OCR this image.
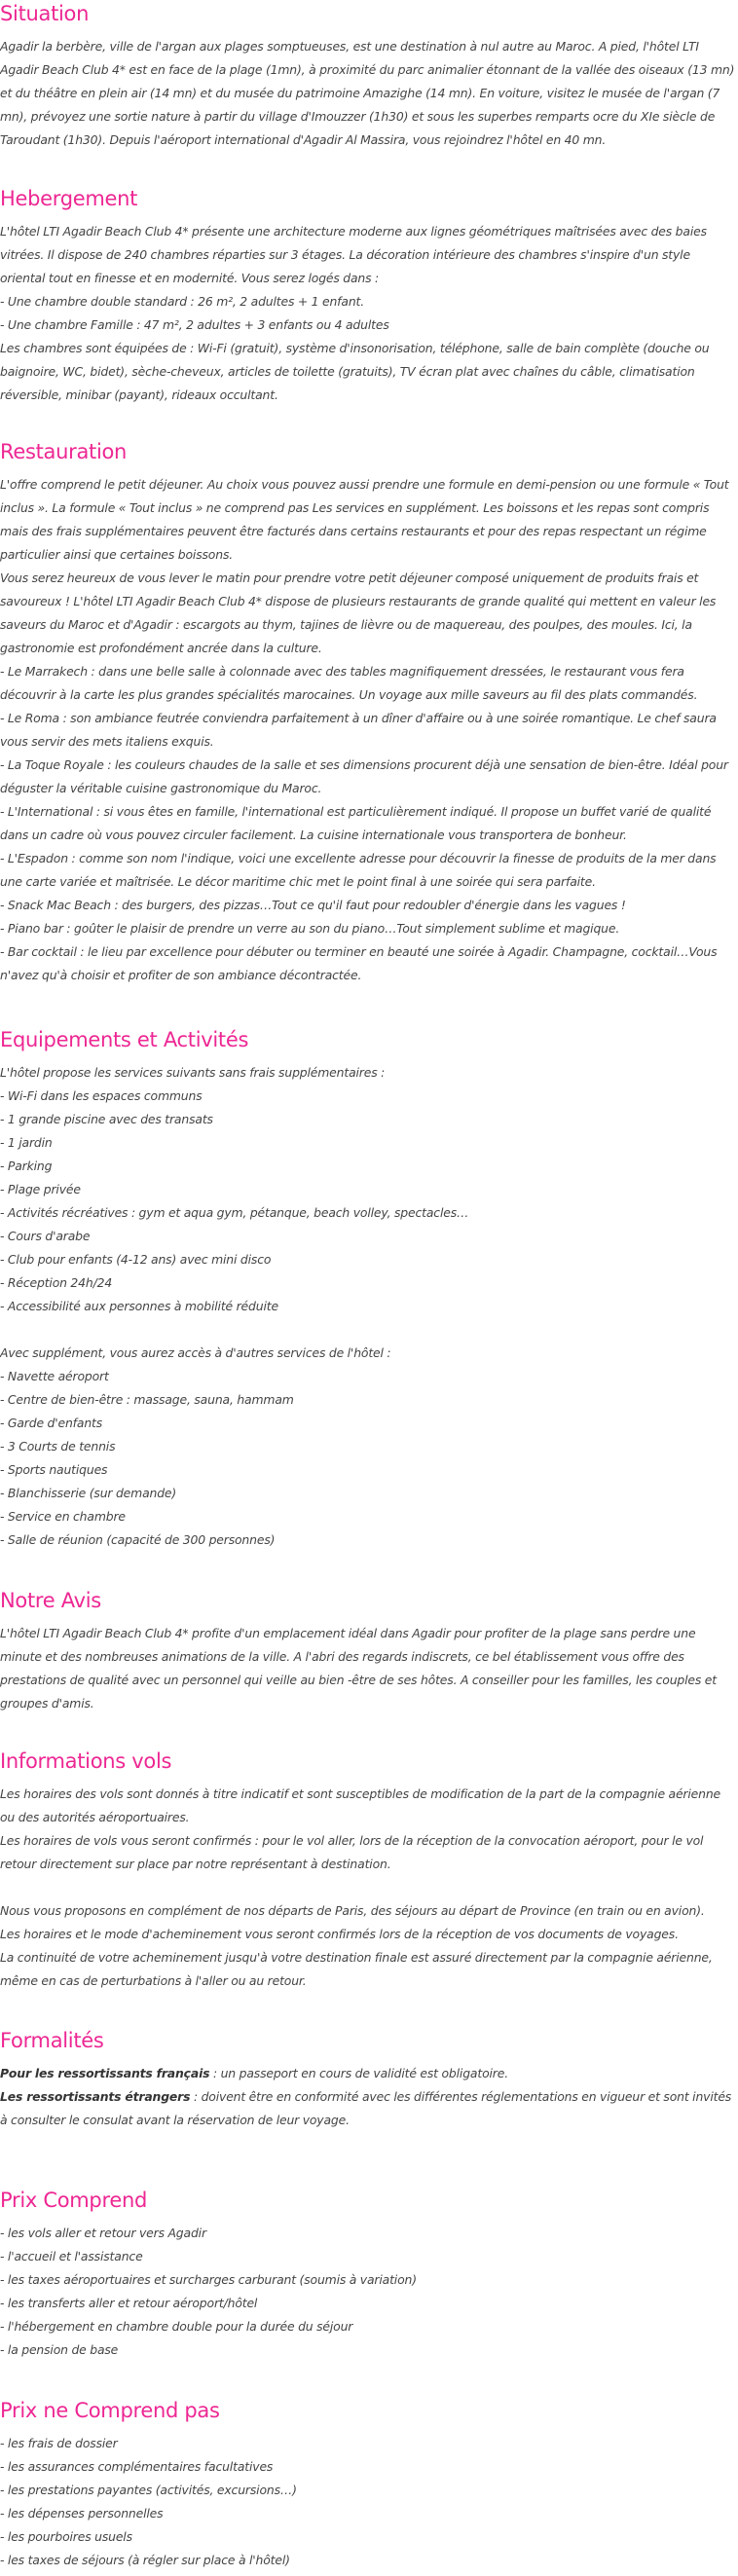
Situation

Agadir la berbère, ville de l'argan aux plages somptueuses, est une destination à nul autre au Maroc. A pied, l'hôtel LTI Agadir Beach Club 4* est en face de la plage (1mn), à proximité du parc animalier étonnant de la vallée des oiseaux (13 mn) et du théâtre en plein air (14 mn) et du musée du patrimoine Amazighe (14 mn). En voiture, visitez le musée de l'argan (7 mn), prévoyez une sortie nature à partir du village d'Imouzzer (1h30) et sous les superbes remparts ocre du XIe siècle de Taroudant (1h30). Depuis l'aéroport international d'Agadir Al Massira, vous rejoindrez l'hôtel en 40 mn.

Hebergement

L'hôtel LTI Agadir Beach Club 4* présente une architecture moderne aux lignes géométriques maîtrisées avec des baies vitrées. Il dispose de 240 chambres réparties sur 3 étages. La décoration intérieure des chambres s'inspire d'un style oriental tout en finesse et en modernité. Vous serez logés dans :

- Une chambre double standard : 26 m², 2 adultes + 1 enfant.

- Une chambre Famille : 47 m², 2 adultes + 3 enfants ou 4 adultes

Les chambres sont équipées de : Wi-Fi (gratuit), système d'insonorisation, téléphone, salle de bain complète (douche ou baignoire, WC, bidet), sèche-cheveux, articles de toilette (gratuits), TV écran plat avec chaînes du câble, climatisation réversible, minibar (payant), rideaux occultant.

Restauration

L'offre comprend le petit déjeuner. Au choix vous pouvez aussi prendre une formule en demi-pension ou une formule « Tout inclus ». La formule « Tout inclus » ne comprend pas Les services en supplément. Les boissons et les repas sont compris mais des frais supplémentaires peuvent être facturés dans certains restaurants et pour des repas respectant un régime particulier ainsi que certaines boissons.

Vous serez heureux de vous lever le matin pour prendre votre petit déjeuner composé uniquement de produits frais et savoureux ! L'hôtel LTI Agadir Beach Club 4* dispose de plusieurs restaurants de grande qualité qui mettent en valeur les saveurs du Maroc et d'Agadir : escargots au thym, tajines de lièvre ou de maquereau, des poulpes, des moules. Ici, la gastronomie est profondément ancrée dans la culture.

- Le Marrakech : dans une belle salle à colonnade avec des tables magnifiquement dressées, le restaurant vous fera découvrir à la carte les plus grandes spécialités marocaines. Un voyage aux mille saveurs au fil des plats commandés.

- Le Roma : son ambiance feutrée conviendra parfaitement à un dîner d'affaire ou à une soirée romantique. Le chef saura vous servir des mets italiens exquis.

- La Toque Royale : les couleurs chaudes de la salle et ses dimensions procurent déjà une sensation de bien-être. Idéal pour déguster la véritable cuisine gastronomique du Maroc.

- L'International : si vous êtes en famille, l'international est particulièrement indiqué. Il propose un buffet varié de qualité dans un cadre où vous pouvez circuler facilement. La cuisine internationale vous transportera de bonheur.

- L'Espadon : comme son nom l'indique, voici une excellente adresse pour découvrir la finesse de produits de la mer dans une carte variée et maîtrisée. Le décor maritime chic met le point final à une soirée qui sera parfaite.

- Snack Mac Beach : des burgers, des pizzas…Tout ce qu'il faut pour redoubler d'énergie dans les vagues !

- Piano bar : goûter le plaisir de prendre un verre au son du piano…Tout simplement sublime et magique.

- Bar cocktail : le lieu par excellence pour débuter ou terminer en beauté une soirée à Agadir. Champagne, cocktail…Vous n'avez qu'à choisir et profiter de son ambiance décontractée.

Equipements et Activités

L'hôtel propose les services suivants sans frais supplémentaires :

- Wi-Fi dans les espaces communs

- 1 grande piscine avec des transats

- 1 jardin

- Parking

- Plage privée

- Activités récréatives : gym et aqua gym, pétanque, beach volley, spectacles…

- Cours d'arabe

- Club pour enfants (4-12 ans) avec mini disco

- Réception 24h/24

- Accessibilité aux personnes à mobilité réduite

Avec supplément, vous aurez accès à d'autres services de l'hôtel :

- Navette aéroport

- Centre de bien-être : massage, sauna, hammam

- Garde d'enfants

- 3 Courts de tennis

- Sports nautiques

- Blanchisserie (sur demande)

- Service en chambre

- Salle de réunion (capacité de 300 personnes)

Notre Avis

L'hôtel LTI Agadir Beach Club 4* profite d'un emplacement idéal dans Agadir pour profiter de la plage sans perdre une minute et des nombreuses animations de la ville. A l'abri des regards indiscrets, ce bel établissement vous offre des prestations de qualité avec un personnel qui veille au bien -être de ses hôtes. A conseiller pour les familles, les couples et groupes d'amis.

Informations vols

Les horaires des vols sont donnés à titre indicatif et sont susceptibles de modification de la part de la compagnie aérienne ou des autorités aéroportuaires.

Les horaires de vols vous seront confirmés : pour le vol aller, lors de la réception de la convocation aéroport, pour le vol retour directement sur place par notre représentant à destination.

Nous vous proposons en complément de nos départs de Paris, des séjours au départ de Province (en train ou en avion).

Les horaires et le mode d'acheminement vous seront confirmés lors de la réception de vos documents de voyages.

La continuité de votre acheminement jusqu'à votre destination finale est assuré directement par la compagnie aérienne, même en cas de perturbations à l'aller ou au retour.

Formalités

Pour les ressortissants français : un passeport en cours de validité est obligatoire.

Les ressortissants étrangers : doivent être en conformité avec les différentes réglementations en vigueur et sont invités à consulter le consulat avant la réservation de leur voyage.

Prix Comprend

- les vols aller et retour vers Agadir

- l'accueil et l'assistance

- les taxes aéroportuaires et surcharges carburant (soumis à variation)

- les transferts aller et retour aéroport/hôtel

- l'hébergement en chambre double pour la durée du séjour

- la pension de base

Prix ne Comprend pas

- les frais de dossier

- les assurances complémentaires facultatives

- les prestations payantes (activités, excursions…)

- les dépenses personnelles

- les pourboires usuels

- les taxes de séjours (à régler sur place à l'hôtel)
